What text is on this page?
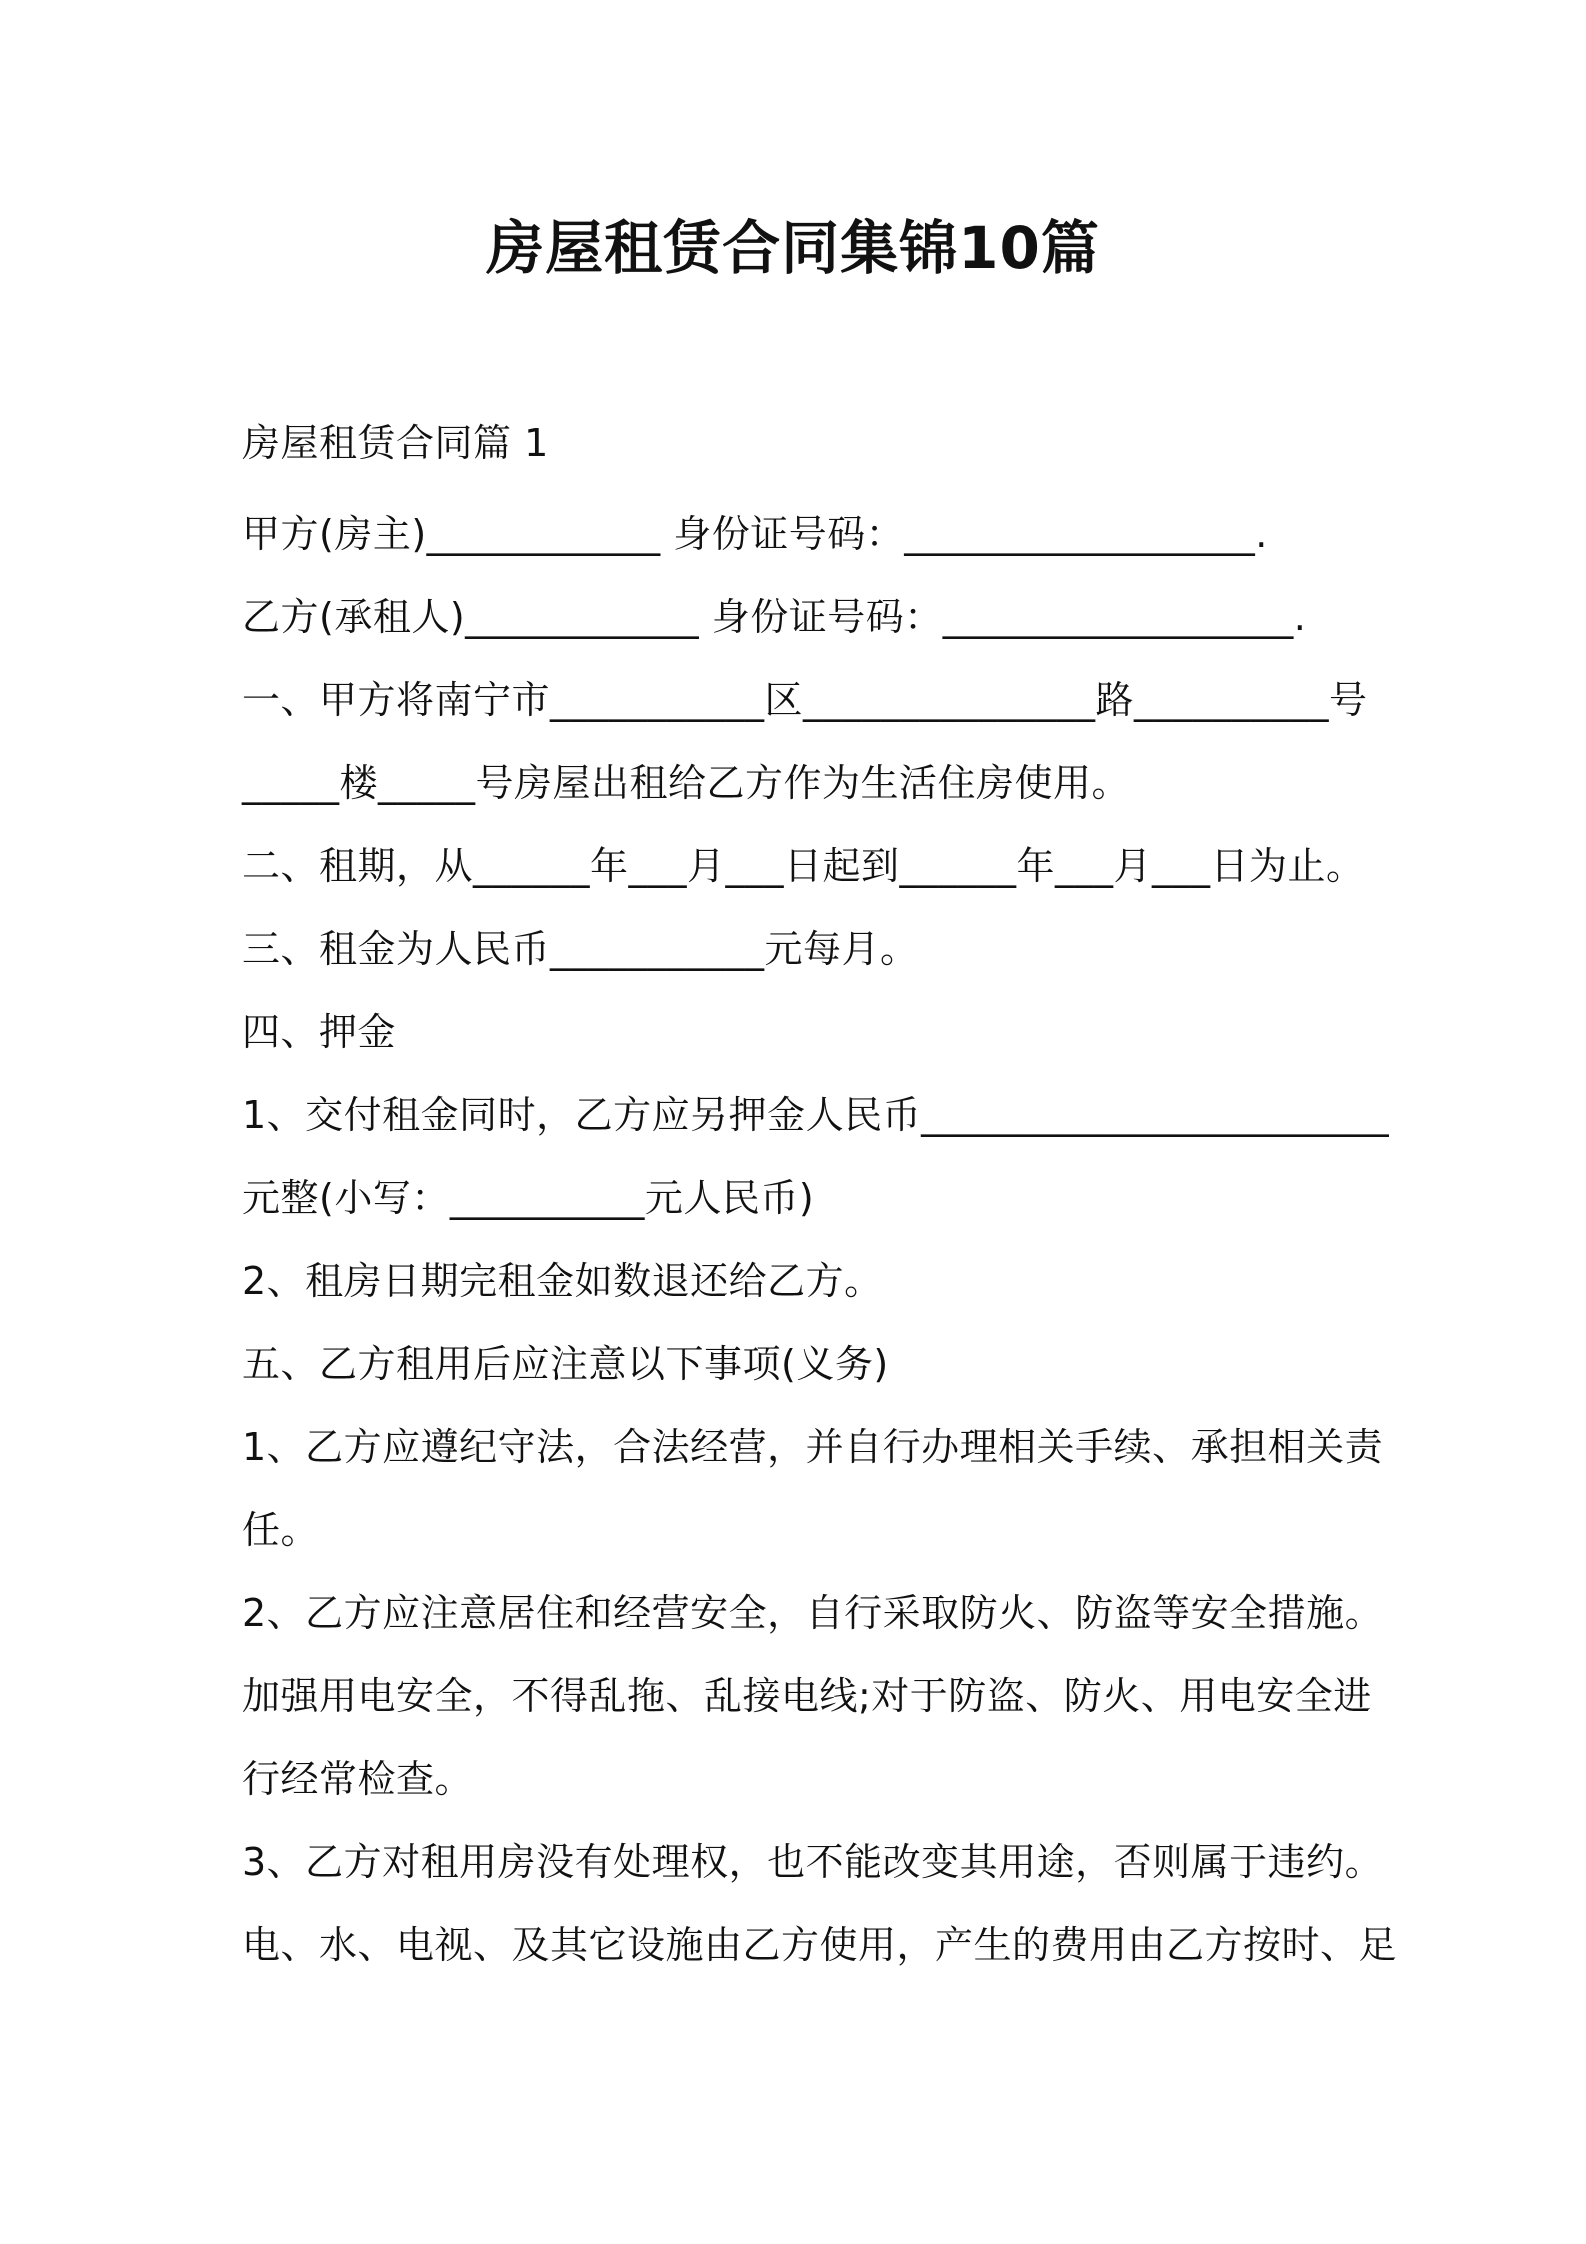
房屋租赁合同集锦10篇

房屋租赁合同篇 1

甲方(房主)____________ 身份证号码：__________________.

乙方(承租人)____________ 身份证号码：__________________.

一、甲方将南宁市___________区_______________路__________号

_____楼_____号房屋出租给乙方作为生活住房使用。

二、租期，从______年___月___日起到______年___月___日为止。

三、租金为人民币___________元每月。

四、押金

1、交付租金同时，乙方应另押金人民币________________________

元整(小写：__________元人民币)

2、租房日期完租金如数退还给乙方。

五、乙方租用后应注意以下事项(义务)

1、乙方应遵纪守法，合法经营，并自行办理相关手续、承担相关责

任。

2、乙方应注意居住和经营安全，自行采取防火、防盗等安全措施。

加强用电安全，不得乱拖、乱接电线;对于防盗、防火、用电安全进

行经常检查。

3、乙方对租用房没有处理权，也不能改变其用途，否则属于违约。

电、水、电视、及其它设施由乙方使用，产生的费用由乙方按时、足
